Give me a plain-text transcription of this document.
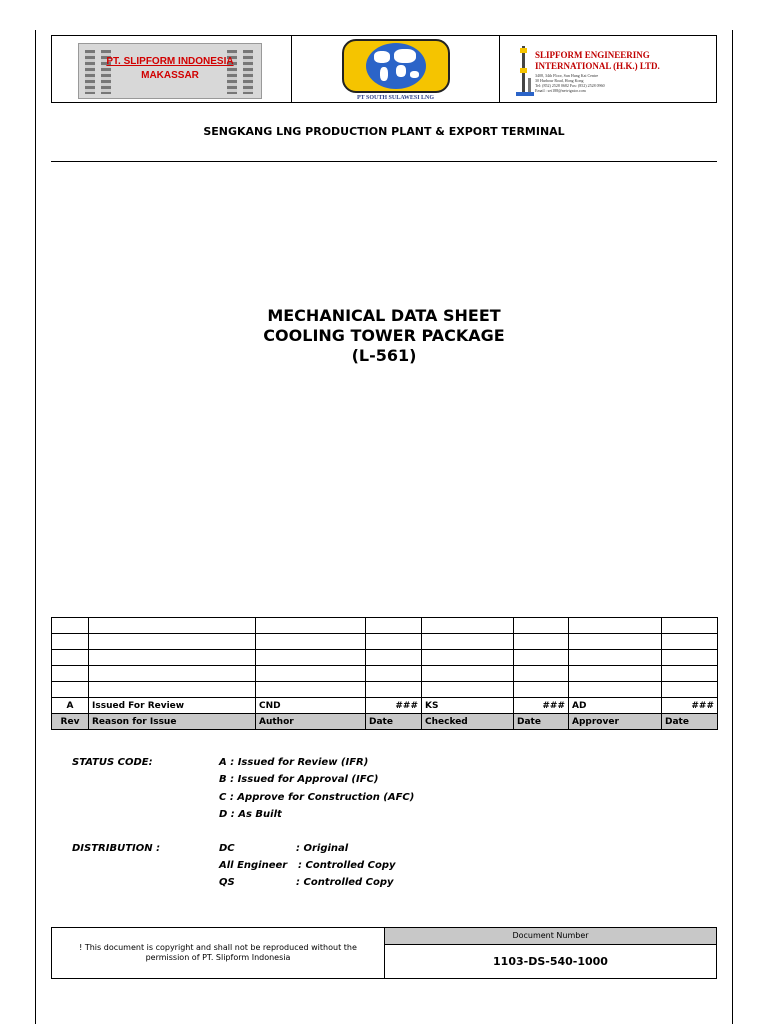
PT. SLIPFORM INDONESIA
MAKASSAR
PT SOUTH SULAWESI LNG
SLIPFORM ENGINEERING
INTERNATIONAL (H.K.) LTD.
3408, 34th Floor, Sun Hung Kai Centre
30 Harbour Road, Hong Kong
Tel: (852) 2528 0682 Fax: (852) 2528 0960
Email : sei188@netvigator.com
SENGKANG LNG PRODUCTION PLANT & EXPORT TERMINAL
MECHANICAL DATA SHEET
COOLING TOWER PACKAGE
(L-561)

A	Issued For Review	CND	###	KS	###	AD	###
Rev	Reason for Issue	Author	Date	Checked	Date	Approver	Date
STATUS CODE:	A : Issued for Review (IFR)
B : Issued for Approval (IFC)
C : Approve for Construction (AFC)
D : As Built
DISTRIBUTION :	DC	: Original
All Engineer : Controlled Copy
QS	: Controlled Copy
! This document is copyright and shall not be reproduced without the permission of PT. Slipform Indonesia
Document Number
1103-DS-540-1000
